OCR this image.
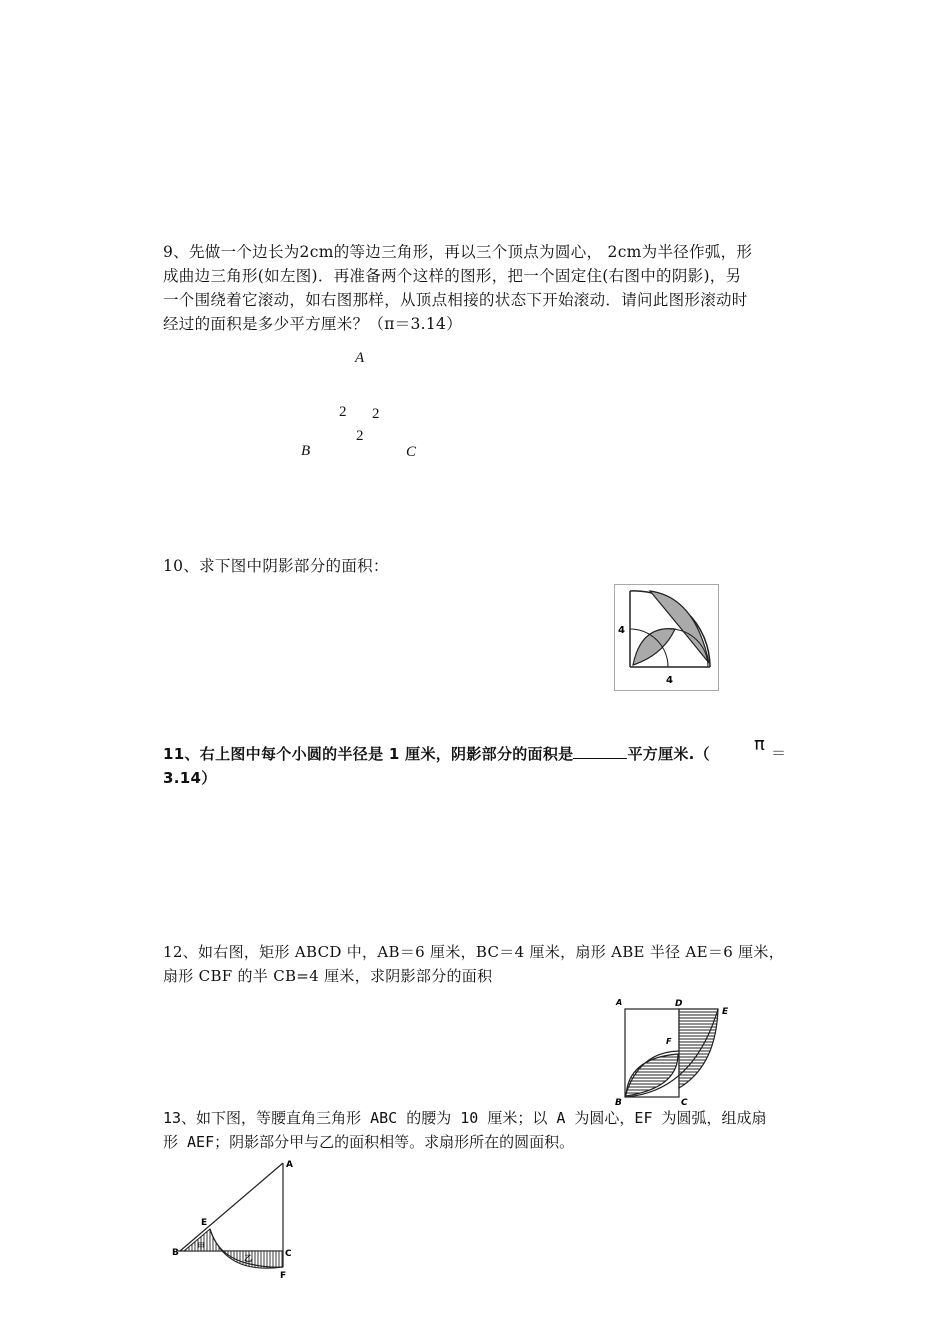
9、先做一个边长为2cm的等边三角形，再以三个顶点为圆心， 2cm为半径作弧，形
成曲边三角形(如左图)．再准备两个这样的图形，把一个固定住(右图中的阴影)，另
一个围绕着它滚动，如右图那样，从顶点相接的状态下开始滚动．请问此图形滚动时
经过的面积是多少平方厘米？（π＝3.14）
A
2 2
2
B	C
10、求下图中阴影部分的面积：
4
4
11、右上图中每个小圆的半径是 1 厘米，阴影部分的面积是	平方厘米.（	π ＝
3.14）
12、如右图，矩形 ABCD 中，AB＝6 厘米，BC＝4 厘米，扇形 ABE 半径 AE＝6 厘米，
扇形 CBF 的半 CB=4 厘米，求阴影部分的面积
A	D
E
F
B	C
13、如下图，等腰直角三角形 ABC 的腰为 10 厘米；以 A 为圆心，EF 为圆弧，组成扇
形 AEF；阴影部分甲与乙的面积相等。求扇形所在的圆面积。
A
E
B	C
F
甲
乙
